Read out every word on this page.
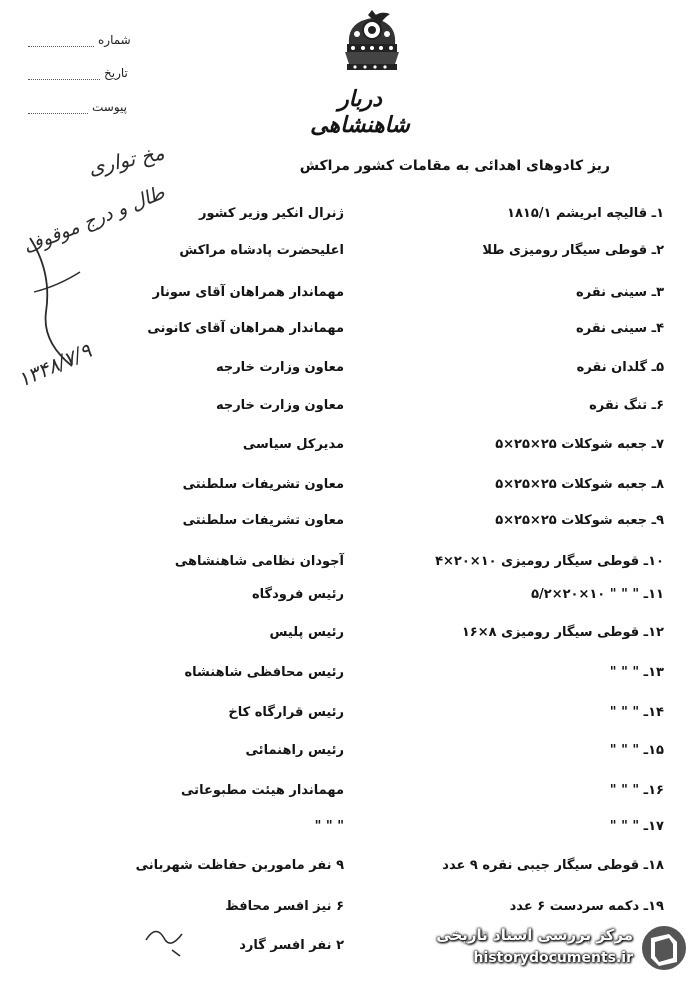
شماره
تاریخ
پیوست	دربار شاهنشاهی
ریز کادوهای اهدائی به مقامات کشور مراکش
۱ـ قالیچه ابریشم ۱۸۱۵/۱
ژنرال انکیر وزیر کشور
۲ـ قوطی سیگار رومیزی طلا
اعلیحضرت پادشاه مراکش
۳ـ سینی نقره
مهماندار همراهان آقای سونار
۴ـ سینی نقره
مهماندار همراهان آقای کانونی
۵ـ گلدان نقره
معاون وزارت خارجه
۶ـ تنگ نقره
معاون وزارت خارجه
۷ـ جعبه شوکلات ۲۵×۲۵×۵
مدیرکل سیاسی
۸ـ جعبه شوکلات ۲۵×۲۵×۵
معاون تشریفات سلطنتی
۹ـ جعبه شوکلات ۲۵×۲۵×۵
معاون تشریفات سلطنتی
۱۰ـ قوطی سیگار رومیزی ۱۰×۲۰×۴
آجودان نظامی شاهنشاهی
۱۱ـ " " " ۱۰×۲۰×۵/۲
رئیس فرودگاه
۱۲ـ قوطی سیگار رومیزی ۸×۱۶
رئیس پلیس
۱۳ـ " " "
رئیس محافظی شاهنشاه
۱۴ـ " " "
رئیس قرارگاه کاخ
۱۵ـ " " "
رئیس راهنمائی
۱۶ـ " " "
مهماندار هیئت مطبوعاتی
۱۷ـ " " "
" " "
۱۸ـ قوطی سیگار جیبی نقره ۹ عدد
۹ نفر ماموربن حفاظت شهربانی
۱۹ـ دکمه سردست ۶ عدد
۶ نیز افسر محافظ
۲ نفر افسر گارد
مخ‌ تواری
طال و درج موقوف
۱۳۴۸/۷/۹
مرکز بررسی اسناد تاریخی
historydocuments.ir
